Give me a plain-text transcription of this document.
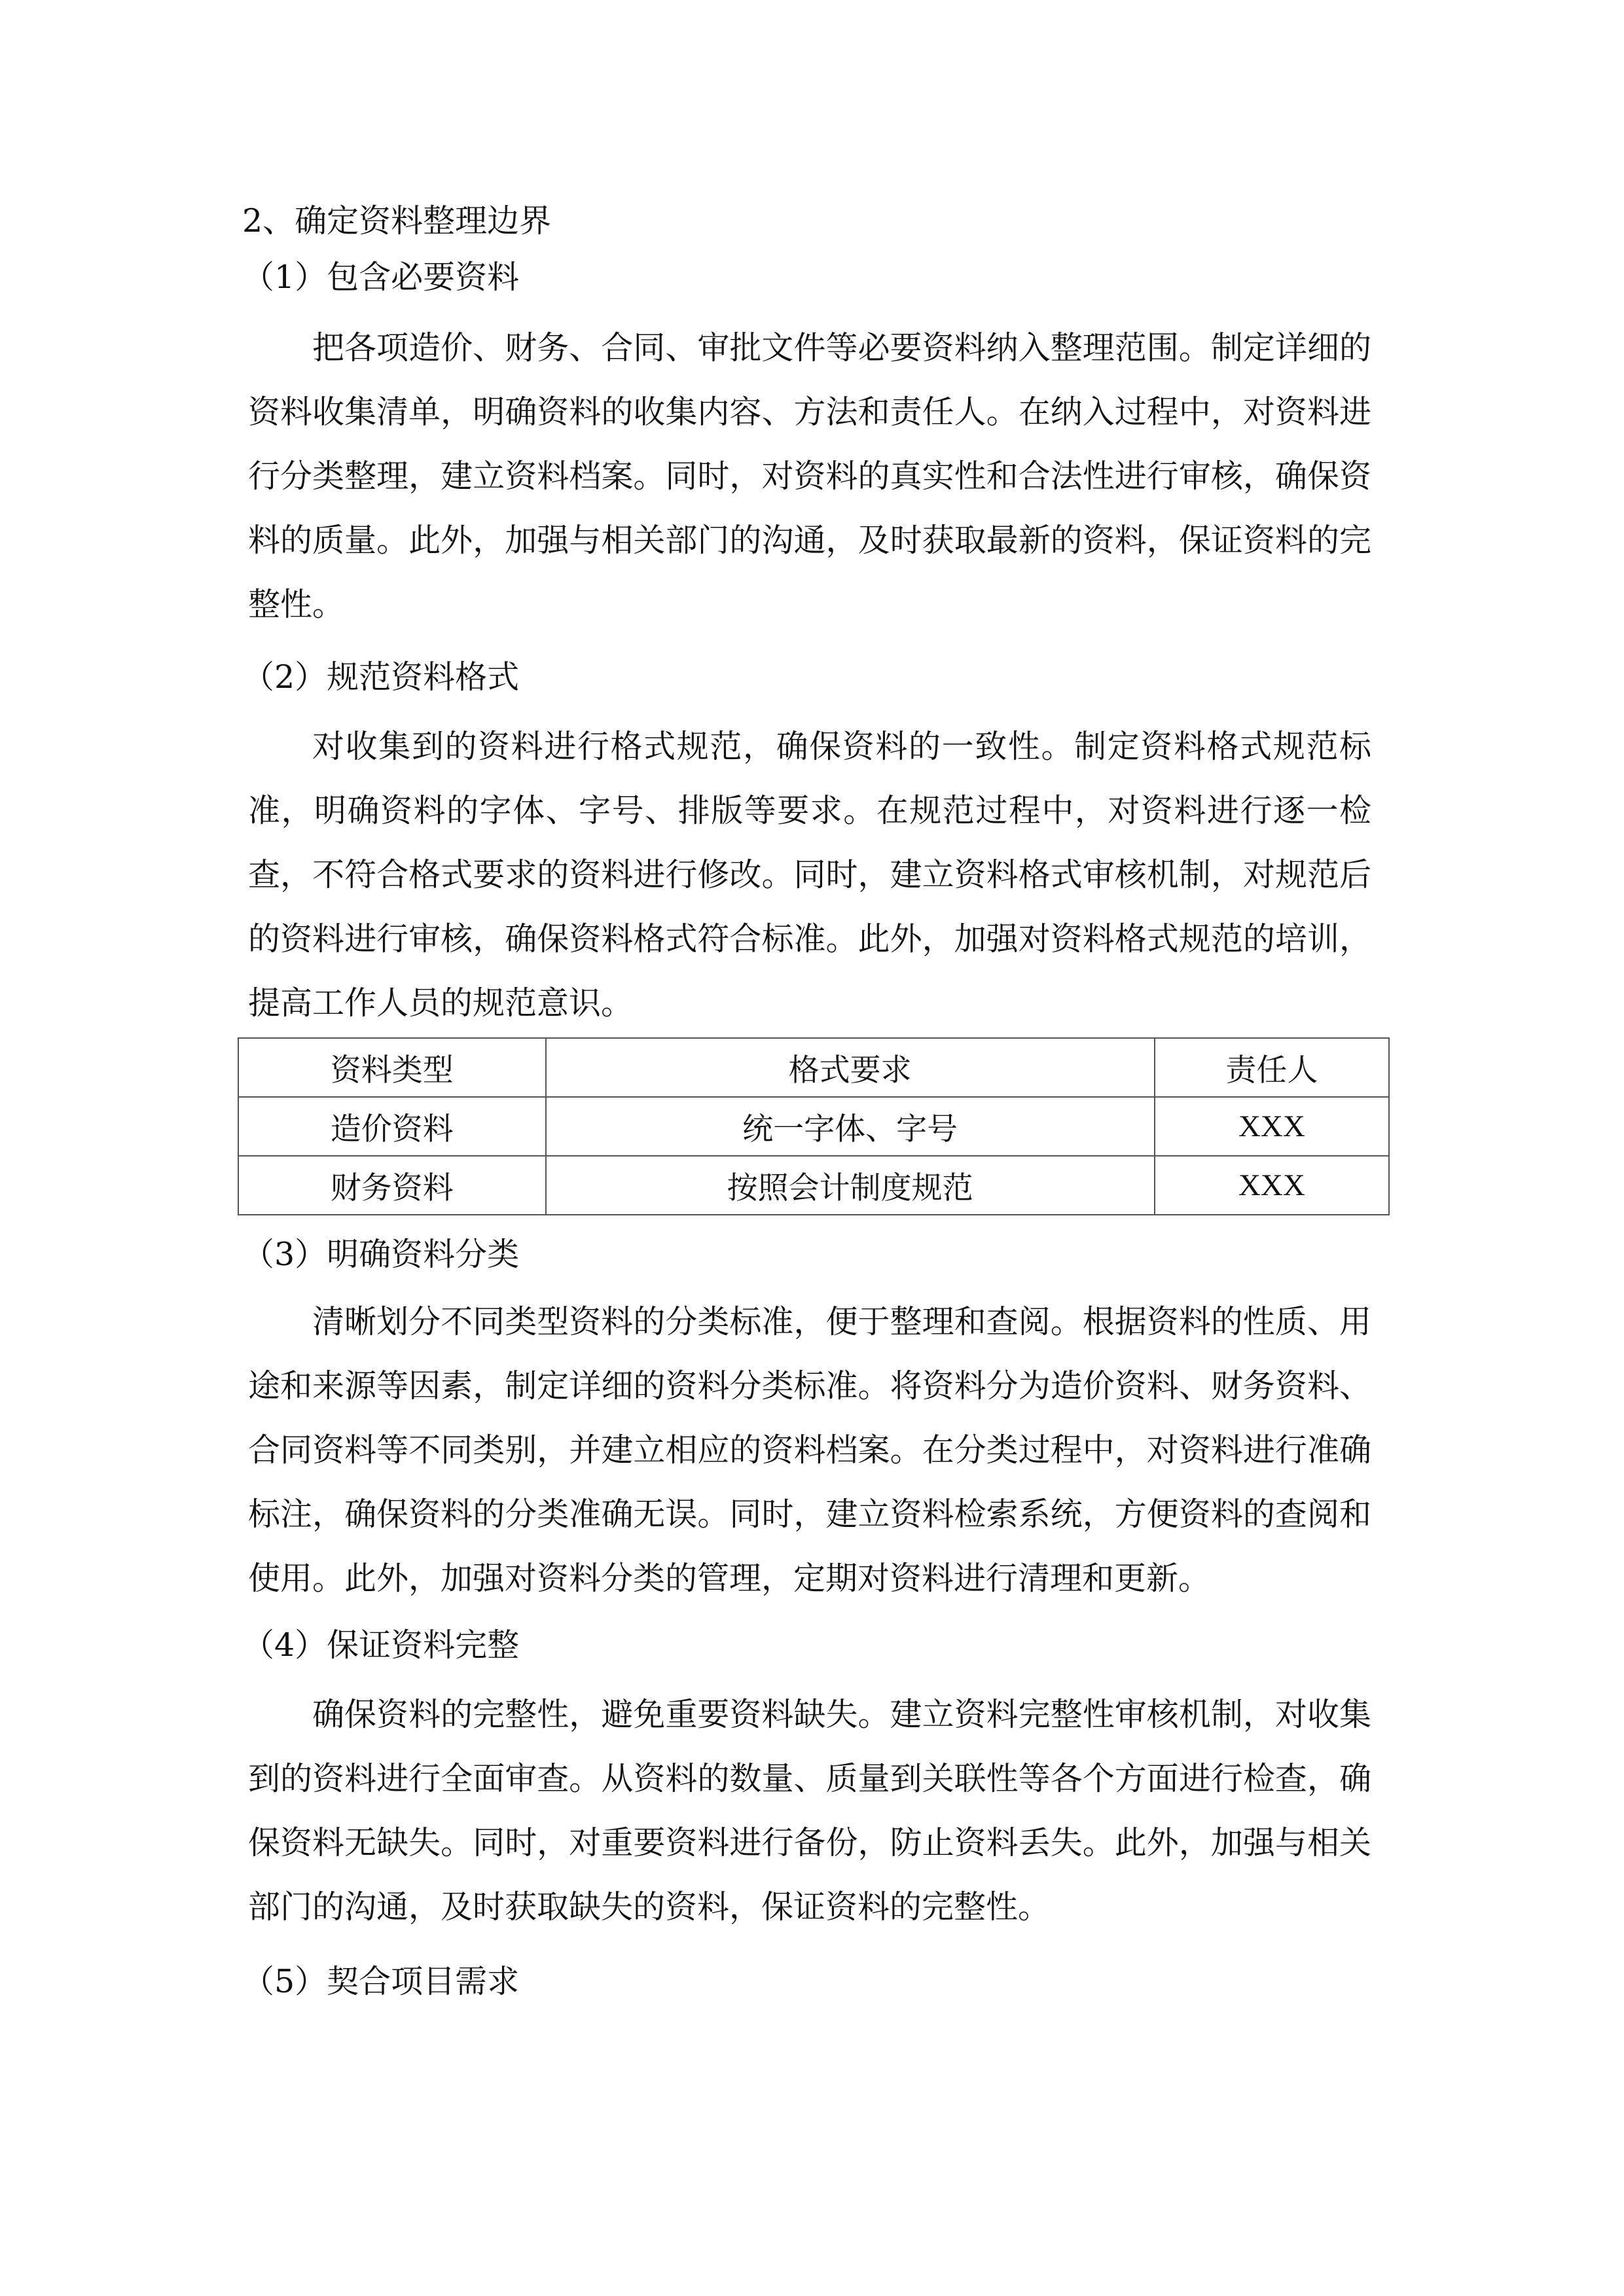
2、确定资料整理边界
（1）包含必要资料
把各项造价、财务、合同、审批文件等必要资料纳入整理范围。制定详细的资料收集清单，明确资料的收集内容、方法和责任人。在纳入过程中，对资料进行分类整理，建立资料档案。同时，对资料的真实性和合法性进行审核，确保资料的质量。此外，加强与相关部门的沟通，及时获取最新的资料，保证资料的完整性。
（2）规范资料格式
对收集到的资料进行格式规范，确保资料的一致性。制定资料格式规范标准，明确资料的字体、字号、排版等要求。在规范过程中，对资料进行逐一检查，不符合格式要求的资料进行修改。同时，建立资料格式审核机制，对规范后的资料进行审核，确保资料格式符合标准。此外，加强对资料格式规范的培训，提高工作人员的规范意识。
资料类型	格式要求	责任人
造价资料	统一字体、字号	XXX
财务资料	按照会计制度规范	XXX
（3）明确资料分类
清晰划分不同类型资料的分类标准，便于整理和查阅。根据资料的性质、用途和来源等因素，制定详细的资料分类标准。将资料分为造价资料、财务资料、合同资料等不同类别，并建立相应的资料档案。在分类过程中，对资料进行准确标注，确保资料的分类准确无误。同时，建立资料检索系统，方便资料的查阅和使用。此外，加强对资料分类的管理，定期对资料进行清理和更新。
（4）保证资料完整
确保资料的完整性，避免重要资料缺失。建立资料完整性审核机制，对收集到的资料进行全面审查。从资料的数量、质量到关联性等各个方面进行检查，确保资料无缺失。同时，对重要资料进行备份，防止资料丢失。此外，加强与相关部门的沟通，及时获取缺失的资料，保证资料的完整性。
（5）契合项目需求
